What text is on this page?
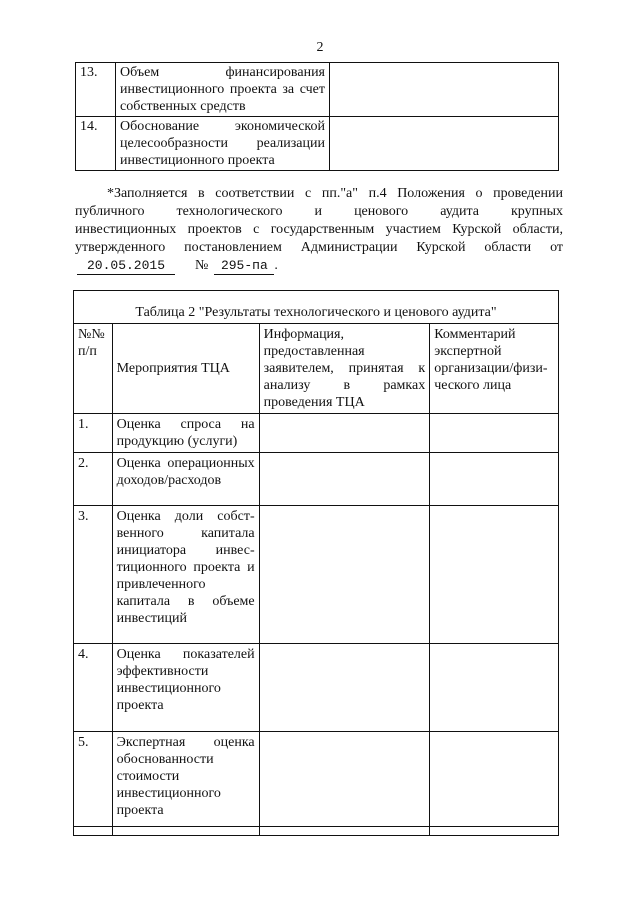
2
13.	Объем финансирования инвестиционного проекта за счет собственных средств	
14.	Обоснование экономической целесообразности реализации инвестиционного проекта	

*Заполняется в соответствии с пп."а" п.4 Положения о проведении

публичного технологического и ценового аудита крупных
инвестиционных проектов с государственным участием Курской области,
утвержденного постановлением Администрации Курской области от
20.05.2015	№ 295-па .
Таблица 2 "Результаты технологического и ценового аудита"
№№ п/п	Мероприятия ТЦА	Информация, предоставленная заявителем, принятая к анализу в рамках проведения ТЦА	Комментарий экспертной организации/физи-ческого лица
1.	Оценка спроса на продукцию (услуги)		
2.	Оценка операционных доходов/расходов		
3.	Оценка доли собст-венного капитала инициатора инвес-тиционного проекта и привлеченного капитала в объеме инвестиций		
4.	Оценка показателей эффективности инвестиционного проекта		
5.	Экспертная оценка обоснованности стоимости инвестиционного проекта		
